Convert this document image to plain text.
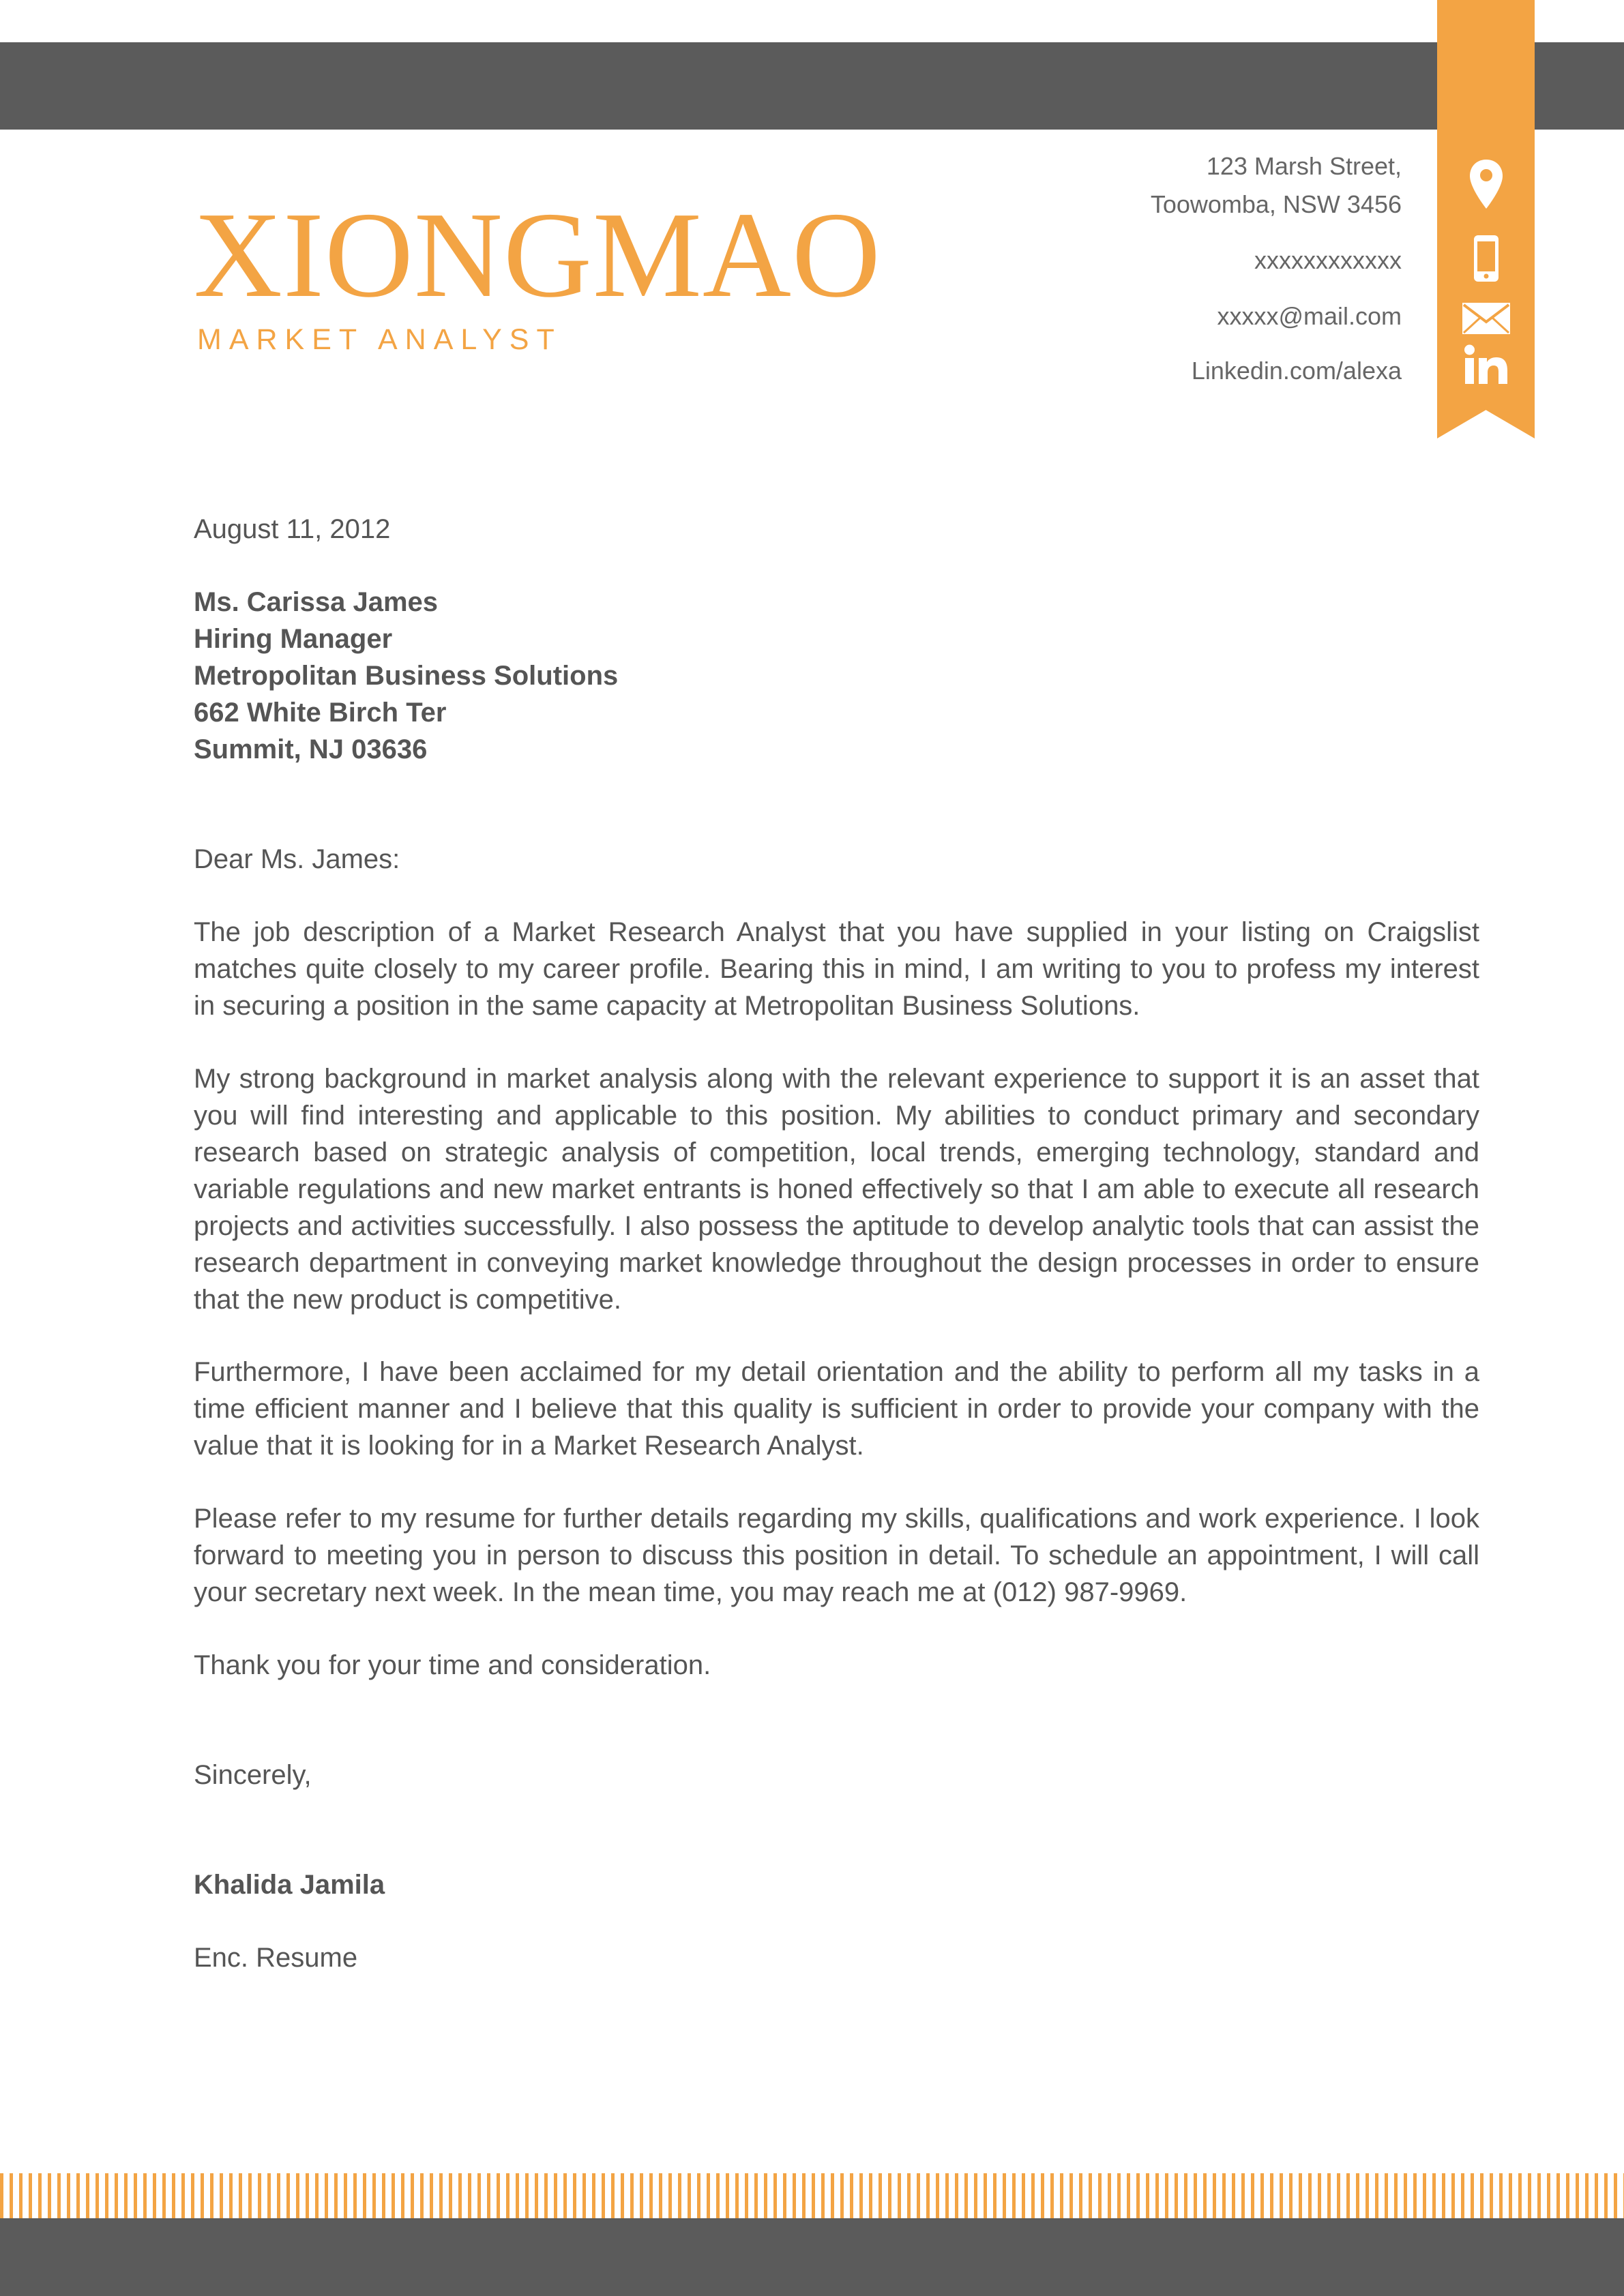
XIONGMAO
MARKET ANALYST
123 Marsh Street,
Toowomba, NSW 3456
xxxxxxxxxxxx
xxxxx@mail.com
Linkedin.com/alexa
August 11, 2012
Ms. Carissa James
Hiring Manager
Metropolitan Business Solutions
662 White Birch Ter
Summit, NJ 03636
Dear Ms. James:
The job description of a Market Research Analyst that you have supplied in your listing on Craigslist matches quite closely to my career profile. Bearing this in mind, I am writing to you to profess my interest in securing a position in the same capacity at Metropolitan Business Solutions.
My strong background in market analysis along with the relevant experience to support it is an asset that you will find interesting and applicable to this position. My abilities to conduct primary and secondary research based on strategic analysis of competition, local trends, emerging technology, standard and variable regulations and new market entrants is honed effectively so that I am able to execute all research projects and activities successfully. I also possess the aptitude to develop analytic tools that can assist the research department in conveying market knowledge throughout the design processes in order to ensure that the new product is competitive.
Furthermore, I have been acclaimed for my detail orientation and the ability to perform all my tasks in a time efficient manner and I believe that this quality is sufficient in order to provide your company with the value that it is looking for in a Market Research Analyst.
Please refer to my resume for further details regarding my skills, qualifications and work experience. I look forward to meeting you in person to discuss this position in detail. To schedule an appointment, I will call your secretary next week. In the mean time, you may reach me at (012) 987-9969.
Thank you for your time and consideration.
Sincerely,
Khalida Jamila
Enc. Resume
